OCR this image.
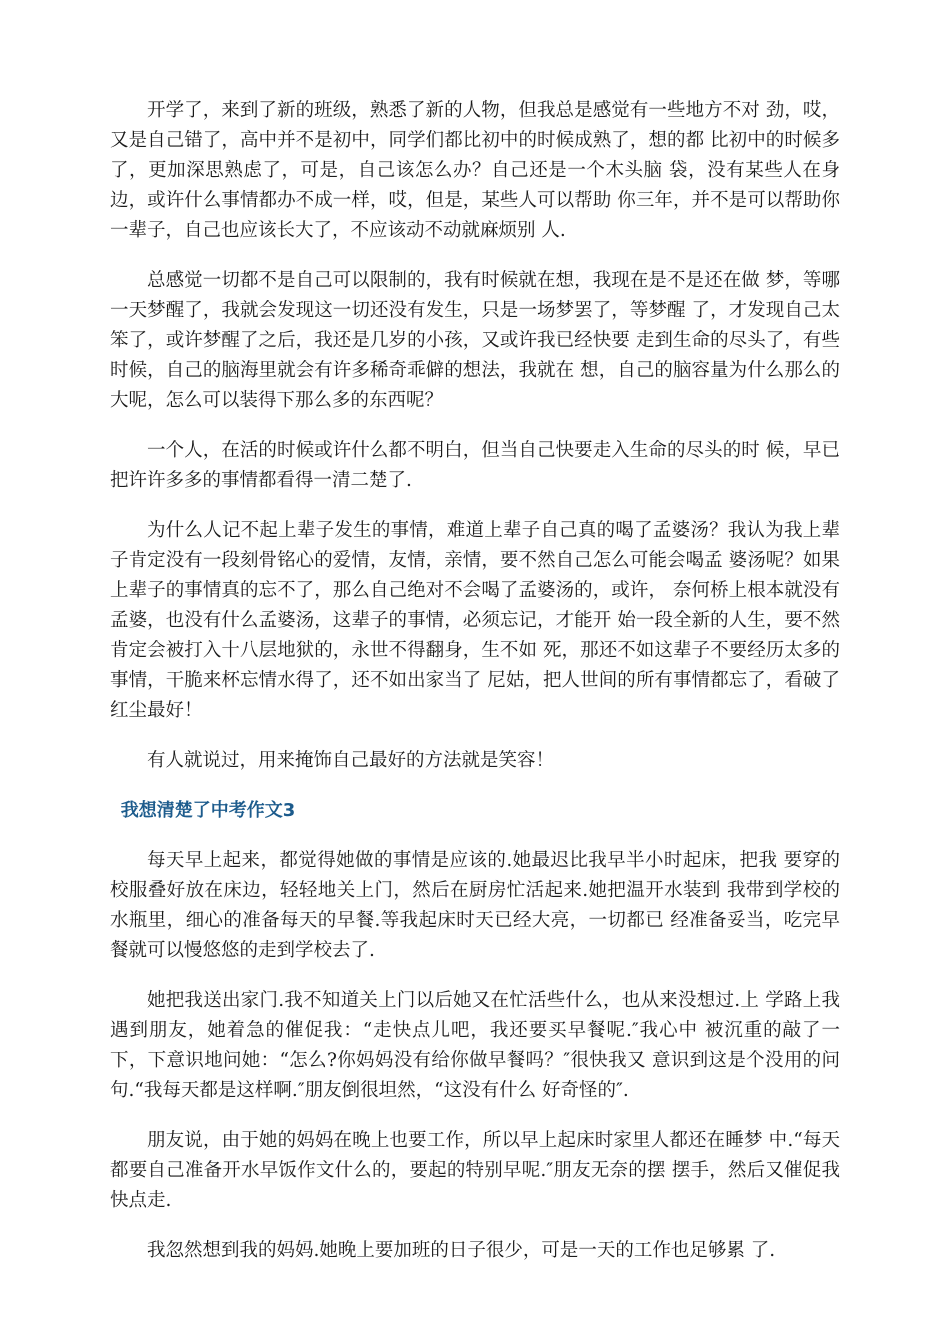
开学了，来到了新的班级，熟悉了新的人物，但我总是感觉有一些地方不对 劲，哎，又是自己错了，高中并不是初中，同学们都比初中的时候成熟了，想的都 比初中的时候多了，更加深思熟虑了，可是，自己该怎么办？自己还是一个木头脑 袋，没有某些人在身边，或许什么事情都办不成一样，哎，但是，某些人可以帮助 你三年，并不是可以帮助你一辈子，自己也应该长大了，不应该动不动就麻烦别 人.

总感觉一切都不是自己可以限制的，我有时候就在想，我现在是不是还在做 梦，等哪一天梦醒了，我就会发现这一切还没有发生，只是一场梦罢了，等梦醒 了，才发现自己太笨了，或许梦醒了之后，我还是几岁的小孩，又或许我已经快要 走到生命的尽头了，有些时候，自己的脑海里就会有许多稀奇乖僻的想法，我就在 想，自己的脑容量为什么那么的大呢，怎么可以装得下那么多的东西呢？

一个人，在活的时候或许什么都不明白，但当自己快要走入生命的尽头的时 候，早已把许许多多的事情都看得一清二楚了.

为什么人记不起上辈子发生的事情，难道上辈子自己真的喝了孟婆汤？我认为我上辈子肯定没有一段刻骨铭心的爱情，友情，亲情，要不然自己怎么可能会喝孟 婆汤呢？如果上辈子的事情真的忘不了，那么自己绝对不会喝了孟婆汤的，或许， 奈何桥上根本就没有孟婆，也没有什么孟婆汤，这辈子的事情，必须忘记，才能开 始一段全新的人生，要不然肯定会被打入十八层地狱的，永世不得翻身，生不如 死，那还不如这辈子不要经历太多的事情，干脆来杯忘情水得了，还不如出家当了 尼姑，把人世间的所有事情都忘了，看破了红尘最好！

有人就说过，用来掩饰自己最好的方法就是笑容！

我想清楚了中考作文3

每天早上起来，都觉得她做的事情是应该的.她最迟比我早半小时起床，把我 要穿的校服叠好放在床边，轻轻地关上门，然后在厨房忙活起来.她把温开水装到 我带到学校的水瓶里，细心的准备每天的早餐.等我起床时天已经大亮，一切都已 经准备妥当，吃完早餐就可以慢悠悠的走到学校去了.

她把我送出家门.我不知道关上门以后她又在忙活些什么，也从来没想过.上 学路上我遇到朋友，她着急的催促我：“走快点儿吧，我还要买早餐呢.″我心中 被沉重的敲了一下，下意识地问她：“怎么?你妈妈没有给你做早餐吗？″很快我又 意识到这是个没用的问句.“我每天都是这样啊.″朋友倒很坦然，“这没有什么 好奇怪的″.

朋友说，由于她的妈妈在晚上也要工作，所以早上起床时家里人都还在睡梦 中.“每天都要自己准备开水早饭作文什么的，要起的特别早呢.″朋友无奈的摆 摆手，然后又催促我快点走.

我忽然想到我的妈妈.她晚上要加班的日子很少，可是一天的工作也足够累 了.
